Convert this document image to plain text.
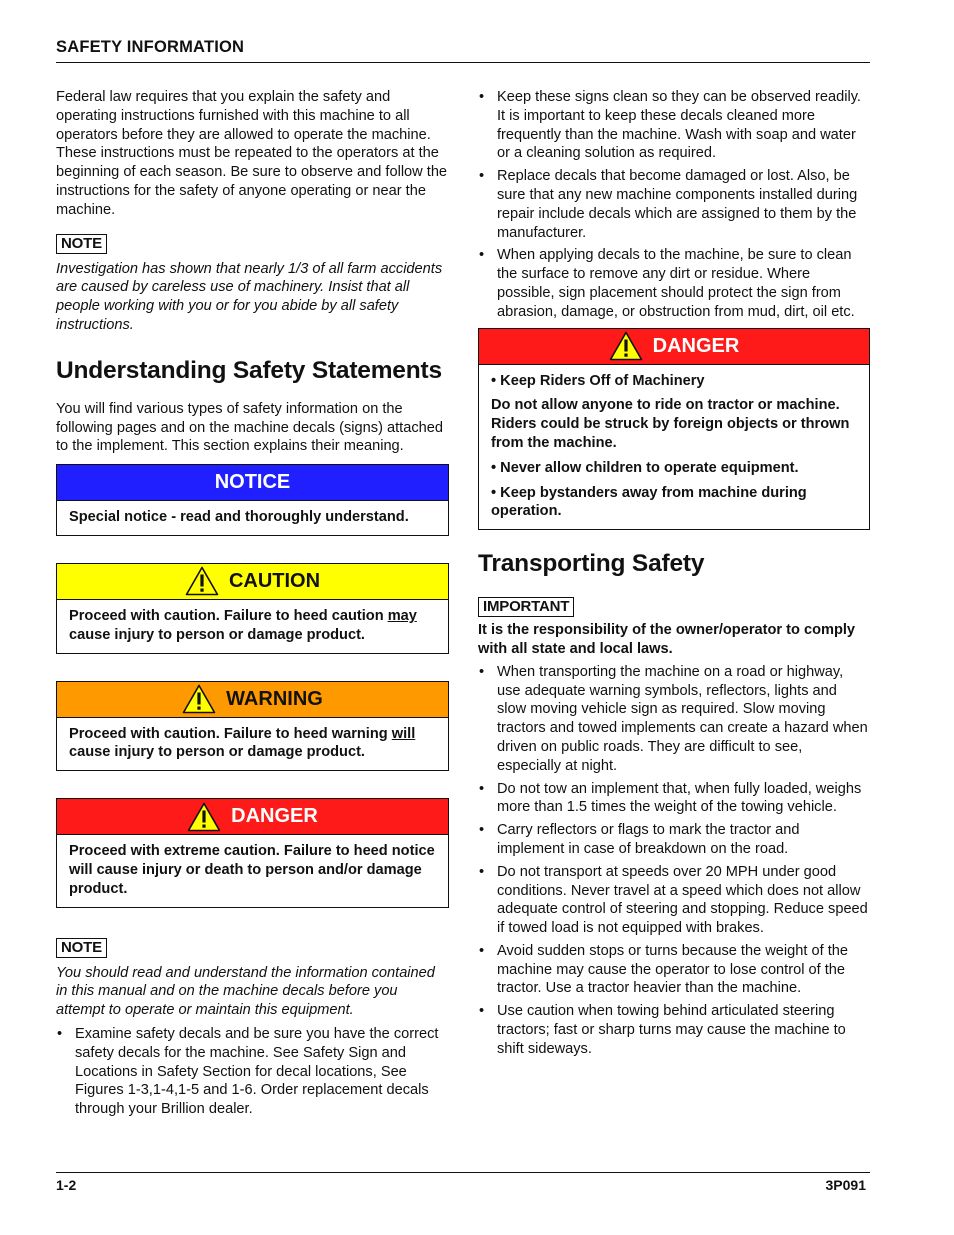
SAFETY INFORMATION

Federal law requires that you explain the safety and operating instructions furnished with this machine to all operators before they are allowed to operate the machine. These instructions must be repeated to the operators at the beginning of each season. Be sure to observe and follow the instructions for the safety of anyone operating or near the machine.

NOTE

Investigation has shown that nearly 1/3 of all farm accidents are caused by careless use of machinery. Insist that all people working with you or for you abide by all safety instructions.

Understanding Safety Statements

You will find various types of safety information on the following pages and on the machine decals (signs) attached to the implement. This section explains their meaning.

NOTICE

Special notice - read and thoroughly understand.

CAUTION

Proceed with caution. Failure to heed caution may cause injury to person or damage product.

WARNING

Proceed with caution. Failure to heed warning will cause injury to person or damage product.

DANGER

Proceed with extreme caution. Failure to heed notice will cause injury or death to person and/or damage product.

NOTE

You should read and understand the information contained in this manual and on the machine decals before you attempt to operate or maintain this equipment.

• Examine safety decals and be sure you have the correct safety decals for the machine. See Safety Sign and Locations in Safety Section for decal locations, See Figures 1-3,1-4,1-5 and 1-6. Order replacement decals through your Brillion dealer.
• Keep these signs clean so they can be observed readily. It is important to keep these decals cleaned more frequently than the machine. Wash with soap and water or a cleaning solution as required.
• Replace decals that become damaged or lost. Also, be sure that any new machine components installed during repair include decals which are assigned to them by the manufacturer.
• When applying decals to the machine, be sure to clean the surface to remove any dirt or residue. Where possible, sign placement should protect the sign from abrasion, damage, or obstruction from mud, dirt, oil etc.
DANGER

• Keep Riders Off of Machinery

Do not allow anyone to ride on tractor or machine. Riders could be struck by foreign objects or thrown from the machine.

• Never allow children to operate equipment.

• Keep bystanders away from machine during operation.

Transporting Safety
IMPORTANT

It is the responsibility of the owner/operator to comply with all state and local laws.

• When transporting the machine on a road or highway, use adequate warning symbols, reflectors, lights and slow moving vehicle sign as required. Slow moving tractors and towed implements can create a hazard when driven on public roads. They are difficult to see, especially at night.
• Do not tow an implement that, when fully loaded, weighs more than 1.5 times the weight of the towing vehicle.
• Carry reflectors or flags to mark the tractor and implement in case of breakdown on the road.
• Do not transport at speeds over 20 MPH under good conditions. Never travel at a speed which does not allow adequate control of steering and stopping. Reduce speed if towed load is not equipped with brakes.
• Avoid sudden stops or turns because the weight of the machine may cause the operator to lose control of the tractor. Use a tractor heavier than the machine.
• Use caution when towing behind articulated steering tractors; fast or sharp turns may cause the machine to shift sideways.
1-2	3P091
